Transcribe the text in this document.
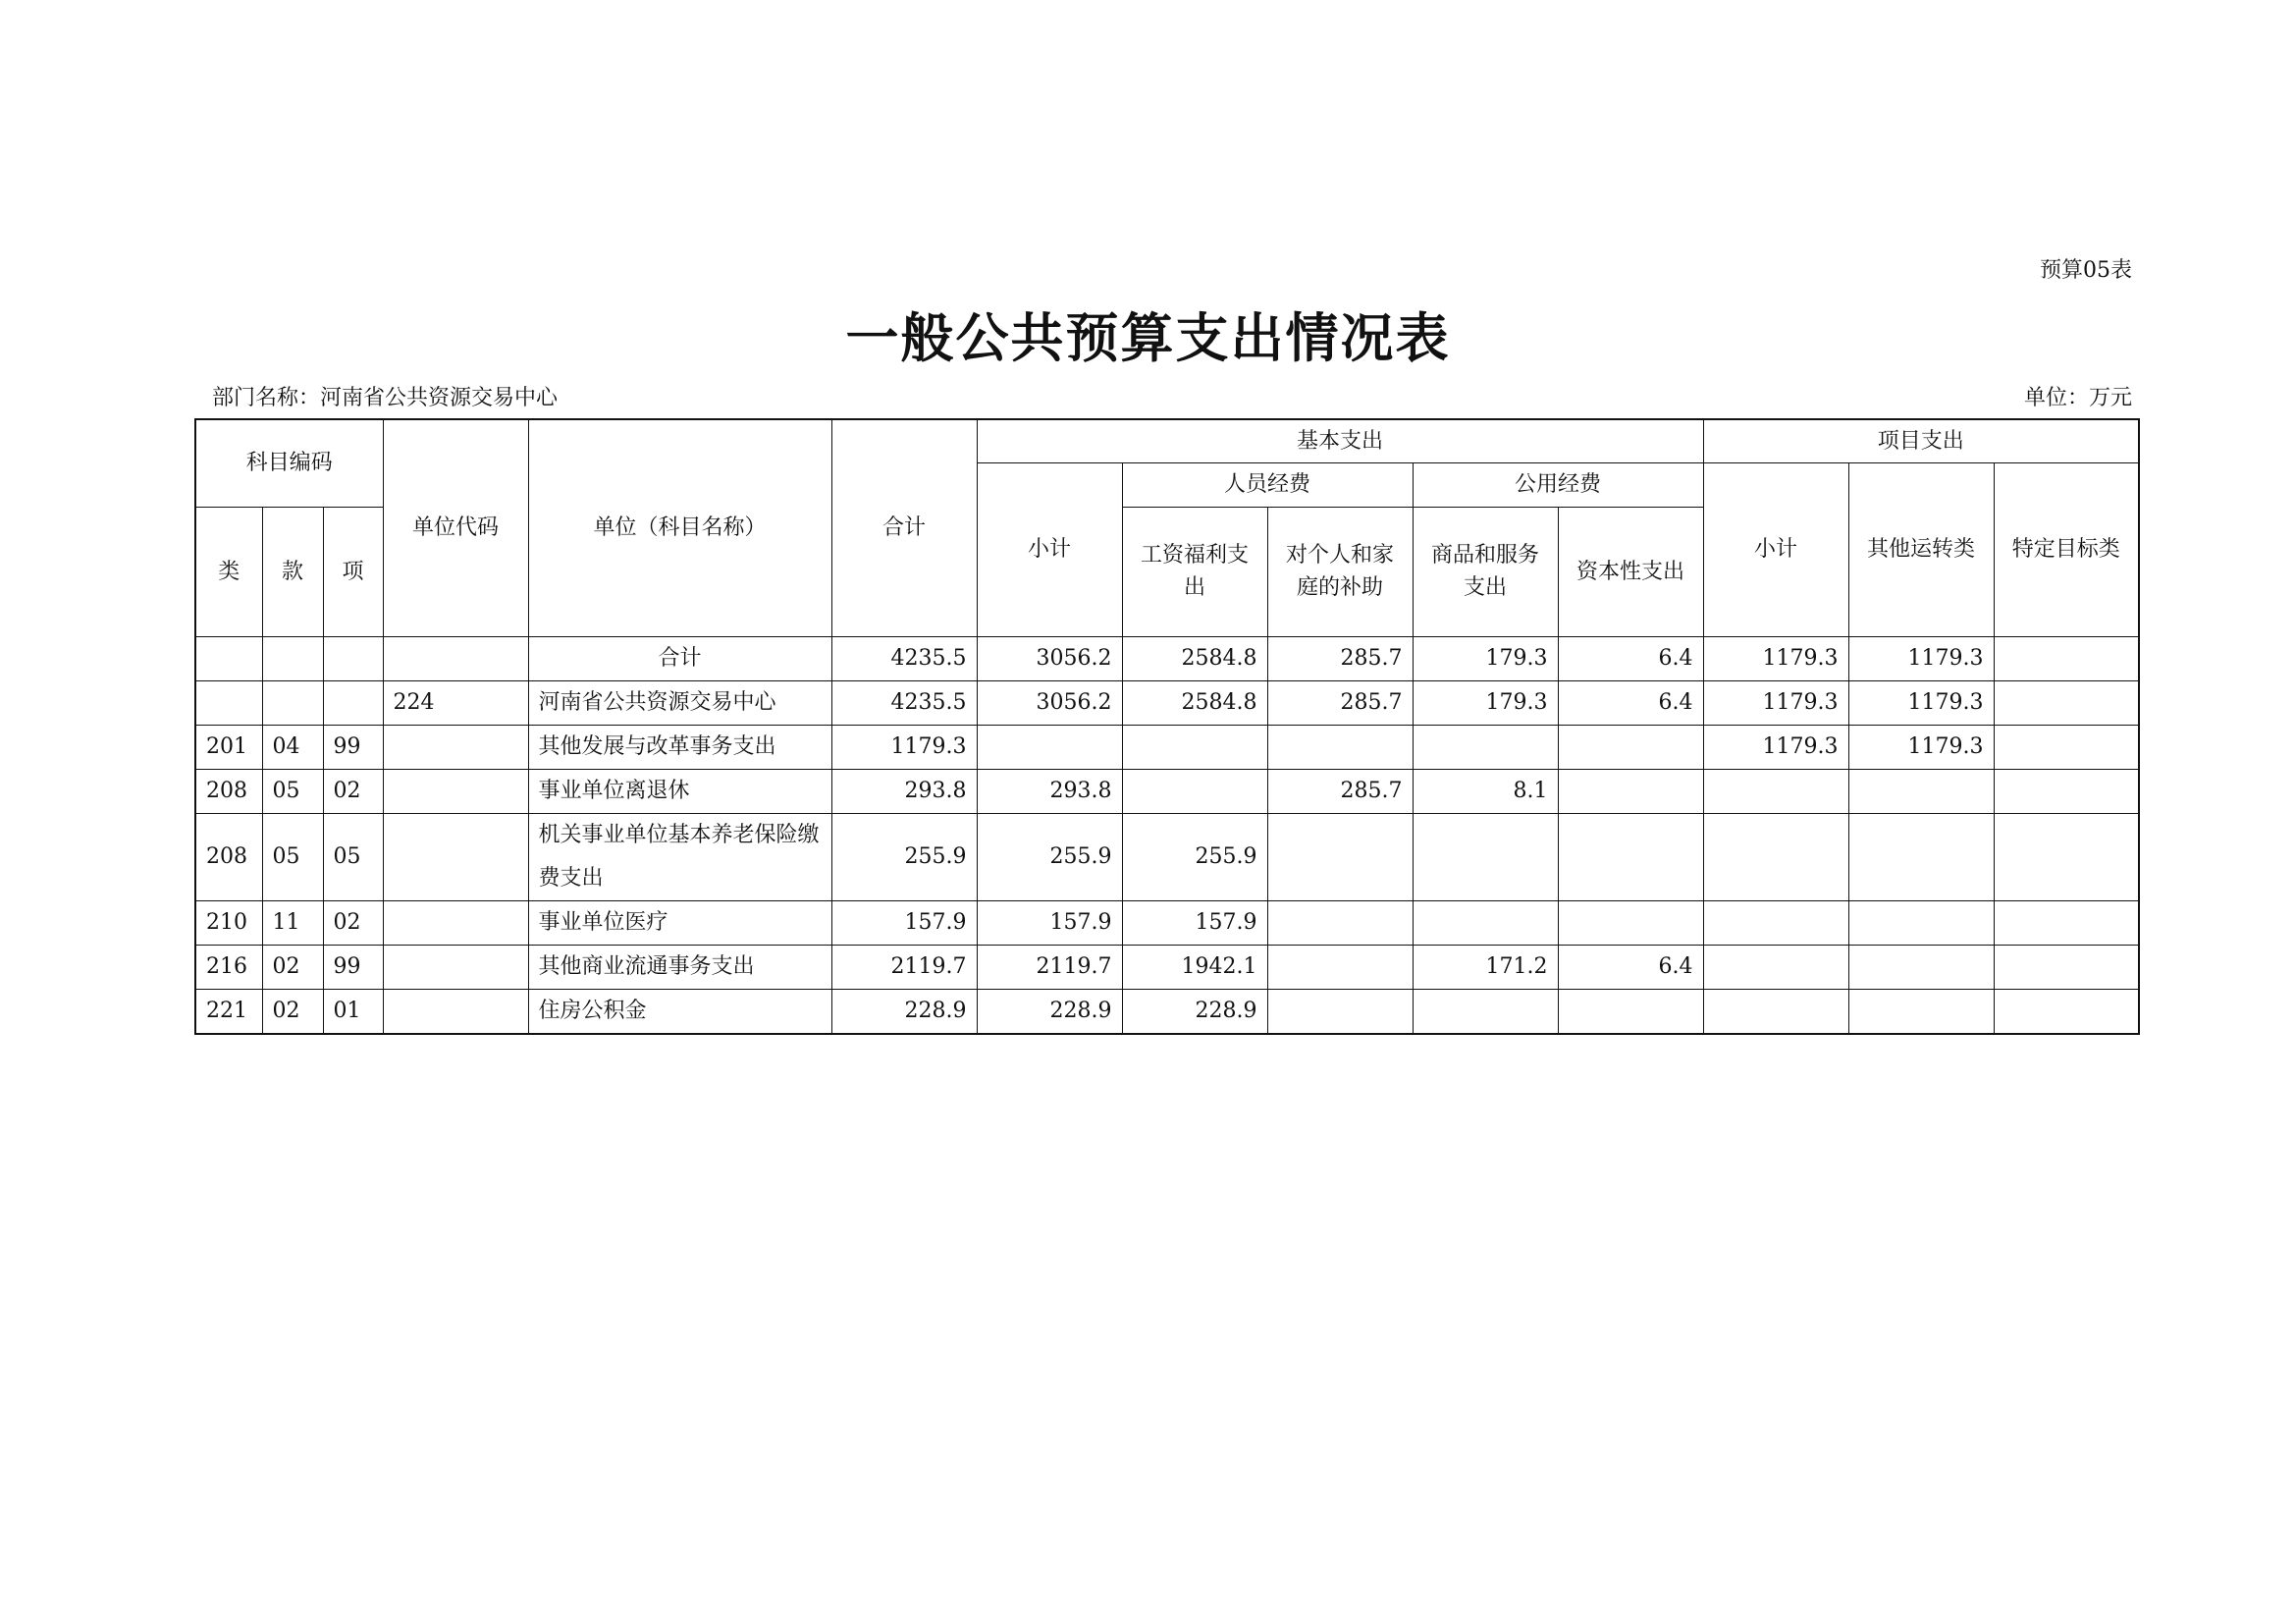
预算05表
一般公共预算支出情况表
部门名称：河南省公共资源交易中心	单位：万元
科目编码			单位代码	单位（科目名称）	合计	基本支出					项目支出		
						小计	人员经费		公用经费		小计	其他运转类	特定目标类
类	款	项					工资福利支出	对个人和家庭的补助	商品和服务支出	资本性支出			
				合计	4235.5	3056.2	2584.8	285.7	179.3	6.4	1179.3	1179.3	
			224	河南省公共资源交易中心	4235.5	3056.2	2584.8	285.7	179.3	6.4	1179.3	1179.3	
201	04	99		其他发展与改革事务支出	1179.3						1179.3	1179.3	
208	05	02		事业单位离退休	293.8	293.8		285.7	8.1				
208	05	05		机关事业单位基本养老保险缴费支出	255.9	255.9	255.9						
210	11	02		事业单位医疗	157.9	157.9	157.9						
216	02	99		其他商业流通事务支出	2119.7	2119.7	1942.1		171.2	6.4			
221	02	01		住房公积金	228.9	228.9	228.9						
